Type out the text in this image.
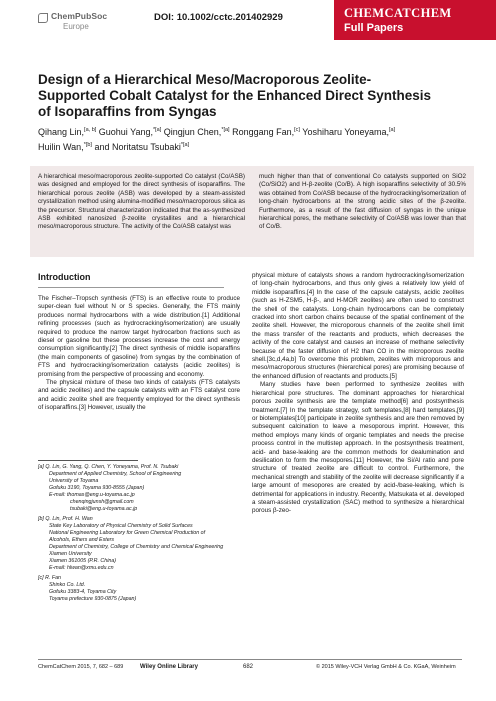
ChemPubSoc
Europe
DOI: 10.1002/cctc.201402929	CHEMCATCHEM
Full Papers
Design of a Hierarchical Meso/Macroporous Zeolite-Supported Cobalt Catalyst for the Enhanced Direct Synthesis of Isoparaffins from Syngas
Qihang Lin,[a, b] Guohui Yang,$^{*[a]}$ Qingjun Chen,$^{*[a]}$ Ronggang Fan,[c] Yoshiharu Yoneyama,[a]
Huilin Wan,$^{*[b]}$ and Noritatsu Tsubaki$^{*[a]}$
A hierarchical meso/macroporous zeolite-supported Co catalyst (Co/ASB) was designed and employed for the direct synthesis of isoparaffins. The hierarchical porous zeolite (ASB) was developed by a steam-assisted crystallization method using alumina-modified meso/macroporous silica as the precursor. Structural characterization indicated that the as-synthesized ASB exhibited nanosized β-zeolite crystallites and a hierarchical meso/macroporous structure. The activity of the Co/ASB catalyst was
much higher than that of conventional Co catalysts supported on SiO2 (Co/SiO2) and H-β-zeolite (Co/B). A high isoparaffins selectivity of 30.5% was obtained from Co/ASB because of the hydrocracking/isomerization of long-chain hydrocarbons at the strong acidic sites of the β-zeolite. Furthermore, as a result of the fast diffusion of syngas in the unique hierarchical pores, the methane selectivity of Co/ASB was lower than that of Co/B.
Introduction

The Fischer–Tropsch synthesis (FTS) is an effective route to produce super-clean fuel without N or S species. Generally, the FTS mainly produces normal hydrocarbons with a wide distribution.[1] Additional refining processes (such as hydrocracking/isomerization) are usually required to produce the narrow target hydrocarbon fractions such as diesel or gasoline but these processes increase the cost and energy consumption significantly.[2] The direct synthesis of middle isoparaffins (the main components of gasoline) from syngas by the combination of FTS and hydrocracking/isomerization catalysts (acidic zeolites) is promising from the perspective of processing and economy.

The physical mixture of these two kinds of catalysts (FTS catalysts and acidic zeolites) and the capsule catalysts with an FTS catalyst core and acidic zeolite shell are frequently employed for the direct synthesis of isoparaffins.[3] However, usually the

[a] Q. Lin, G. Yang, Q. Chen, Y. Yoneyama, Prof. N. Tsubaki
Department of Applied Chemistry, School of Engineering
University of Toyama
Gofuku 3190, Toyama 930-8555 (Japan)
E-mail: thomas@eng.u-toyama.ac.jp
chenqingjunsh@gmail.com
tsubaki@eng.u-toyama.ac.jp
[b] Q. Lin, Prof. H. Wan
State Key Laboratory of Physical Chemistry of Solid Surfaces
National Engineering Laboratory for Green Chemical Production of
Alcohols, Ethers and Esters
Department of Chemistry, College of Chemistry and Chemical Engineering
Xiamen University
Xiamen 361005 (P.R. China)
E-mail: hlwan@xmu.edu.cn
[c] R. Fan
Shinko Co. Ltd.
Gofuku 3383-4, Toyama City
Toyama prefecture 930-0875 (Japan)

physical mixture of catalysts shows a random hydrocracking/isomerization of long-chain hydrocarbons, and thus only gives a relatively low yield of middle isoparaffins.[4] In the case of the capsule catalysts, acidic zeolites (such as H-ZSM5, H-β-, and H-MOR zeolites) are often used to construct the shell of the catalysts. Long-chain hydrocarbons can be completely cracked into short carbon chains because of the spatial confinement of the zeolite shell. However, the microporous channels of the zeolite shell limit the mass transfer of the reactants and products, which decreases the activity of the core catalyst and causes an increase of methane selectivity because of the faster diffusion of H2 than CO in the microporous zeolite shell.[3c,d,4a,b] To overcome this problem, zeolites with microporous and meso/macroporous structures (hierarchical pores) are promising because of the enhanced diffusion of reactants and products.[5]

Many studies have been performed to synthesize zeolites with hierarchical pore structures. The dominant approaches for hierarchical porous zeolite synthesis are the template method[6] and postsynthesis treatment.[7] In the template strategy, soft templates,[8] hard templates,[9] or biotemplates[10] participate in zeolite synthesis and are then removed by subsequent calcination to leave a mesoporous imprint. However, this method employs many kinds of organic templates and needs the precise process control in the multistep approach. In the postsynthesis treatment, acid- and base-leaking are the common methods for dealumination and desilication to form the mesopores.[11] However, the Si/Al ratio and pore structure of treated zeolite are difficult to control. Furthermore, the mechanical strength and stability of the zeolite will decrease significantly if a large amount of mesopores are created by acid-/base-leaking, which is detrimental for applications in industry. Recently, Matsukata et al. developed a steam-assisted crystallization (SAC) method to synthesize a hierarchical porous β-zeo-

ChemCatChem 2015, 7, 682 – 689	Wiley Online Library	682	© 2015 Wiley-VCH Verlag GmbH & Co. KGaA, Weinheim
